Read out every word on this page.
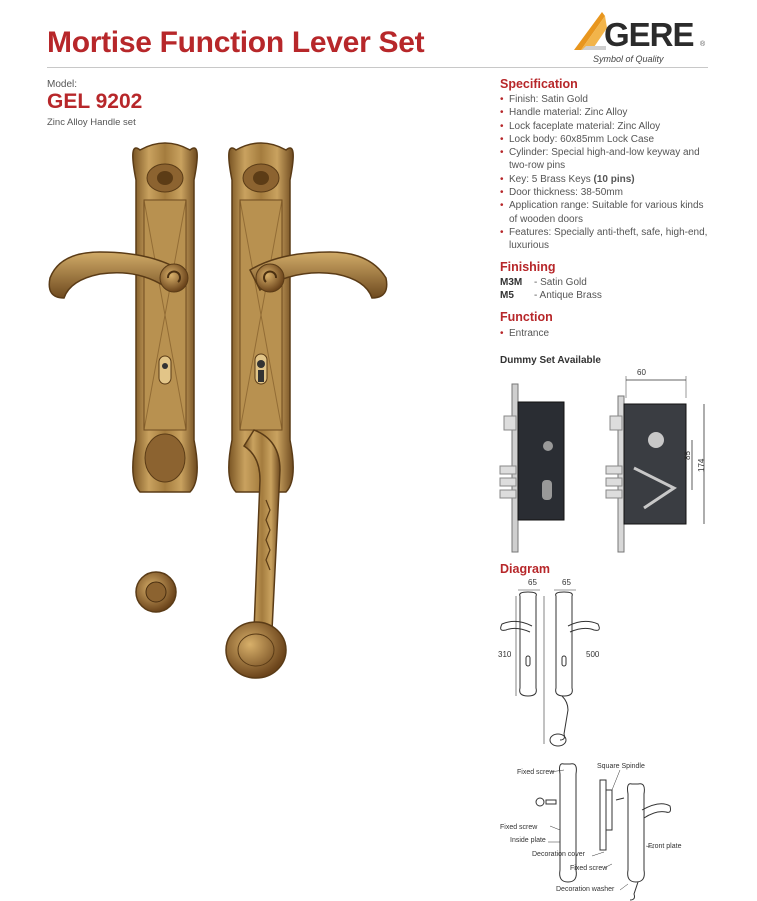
Mortise Function Lever Set	GERE ®
Symbol of Quality
Model:
GEL 9202
Zinc Alloy Handle set
Specification
• Finish: Satin Gold
• Handle material: Zinc Alloy
• Lock faceplate material: Zinc Alloy
• Lock body: 60x85mm Lock Case
• Cylinder: Special high-and-low keyway and two-row pins
• Key: 5 Brass Keys (10 pins)
• Door thickness: 38-50mm
• Application range: Suitable for various kinds of wooden doors
• Features: Specially anti-theft, safe, high-end, luxurious
Finishing
M3M - Satin Gold
M5 - Antique Brass
Function
• Entrance
Dummy Set Available
60
85
174
Diagram
65	65
310	500
Fixed screw
Square Spindle
Fixed screw
Inside plate
Front plate
Decoration cover
Fixed screw
Decoration washer
